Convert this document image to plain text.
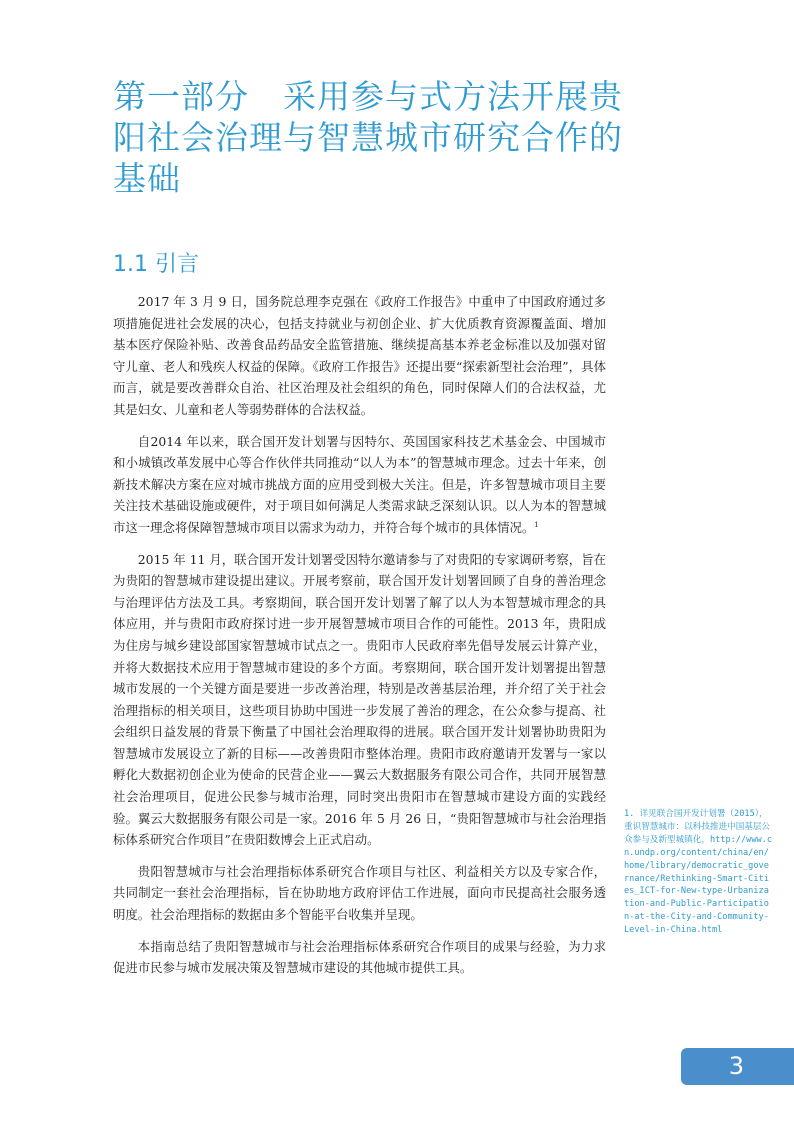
第一部分　采用参与式方法开展贵阳社会治理与智慧城市研究合作的基础
1.1 引言

2017 年 3 月 9 日，国务院总理李克强在《政府工作报告》中重申了中国政府通过多项措施促进社会发展的决心，包括支持就业与初创企业、扩大优质教育资源覆盖面、增加基本医疗保险补贴、改善食品药品安全监管措施、继续提高基本养老金标准以及加强对留守儿童、老人和残疾人权益的保障。《政府工作报告》还提出要“探索新型社会治理”，具体而言，就是要改善群众自治、社区治理及社会组织的角色，同时保障人们的合法权益，尤其是妇女、儿童和老人等弱势群体的合法权益。

自2014 年以来，联合国开发计划署与因特尔、英国国家科技艺术基金会、中国城市和小城镇改革发展中心等合作伙伴共同推动“以人为本”的智慧城市理念。过去十年来，创新技术解决方案在应对城市挑战方面的应用受到极大关注。但是，许多智慧城市项目主要关注技术基础设施或硬件，对于项目如何满足人类需求缺乏深刻认识。以人为本的智慧城市这一理念将保障智慧城市项目以需求为动力，并符合每个城市的具体情况。$^1$

2015 年 11 月，联合国开发计划署受因特尔邀请参与了对贵阳的专家调研考察，旨在为贵阳的智慧城市建设提出建议。开展考察前，联合国开发计划署回顾了自身的善治理念与治理评估方法及工具。考察期间，联合国开发计划署了解了以人为本智慧城市理念的具体应用，并与贵阳市政府探讨进一步开展智慧城市项目合作的可能性。2013 年，贵阳成为住房与城乡建设部国家智慧城市试点之一。贵阳市人民政府率先倡导发展云计算产业，并将大数据技术应用于智慧城市建设的多个方面。考察期间，联合国开发计划署提出智慧城市发展的一个关键方面是要进一步改善治理，特别是改善基层治理，并介绍了关于社会治理指标的相关项目，这些项目协助中国进一步发展了善治的理念，在公众参与提高、社会组织日益发展的背景下衡量了中国社会治理取得的进展。联合国开发计划署协助贵阳为智慧城市发展设立了新的目标——改善贵阳市整体治理。贵阳市政府邀请开发署与一家以孵化大数据初创企业为使命的民营企业——翼云大数据服务有限公司合作，共同开展智慧社会治理项目，促进公民参与城市治理，同时突出贵阳市在智慧城市建设方面的实践经验。翼云大数据服务有限公司是一家。2016 年 5 月 26 日，“贵阳智慧城市与社会治理指标体系研究合作项目”在贵阳数博会上正式启动。

贵阳智慧城市与社会治理指标体系研究合作项目与社区、利益相关方以及专家合作，共同制定一套社会治理指标，旨在协助地方政府评估工作进展，面向市民提高社会服务透明度。社会治理指标的数据由多个智能平台收集并呈现。

本指南总结了贵阳智慧城市与社会治理指标体系研究合作项目的成果与经验，为力求促进市民参与城市发展决策及智慧城市建设的其他城市提供工具。

1. 详见联合国开发计划署（2015），重识智慧城市：以科技推进中国基层公众参与及新型城镇化，http://www.cn.undp.org/content/china/en/home/library/democratic_governance/Rethinking-Smart-Cities_ICT-for-New-type-Urbanization-and-Public-Participation-at-the-City-and-Community-Level-in-China.html
3
